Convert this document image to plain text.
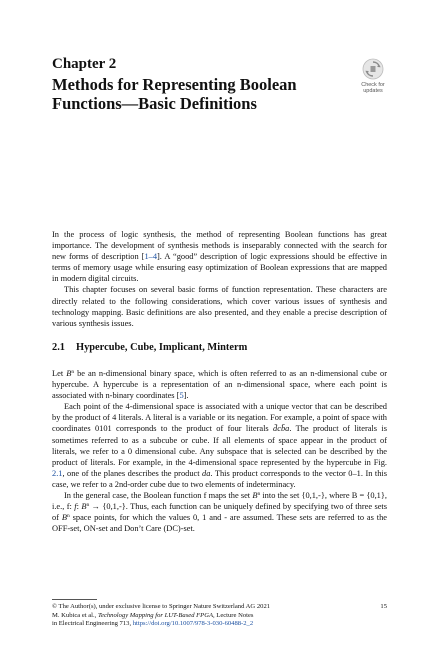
Chapter 2
Methods for Representing Boolean
Functions—Basic Definitions
Check for
updates

In the process of logic synthesis, the method of representing Boolean functions has great importance. The development of synthesis methods is inseparably connected with the search for new forms of description [1–4]. A “good” description of logic expressions should be effective in terms of memory usage while ensuring easy optimization of Boolean expressions that are mapped in modern digital circuits.

This chapter focuses on several basic forms of function representation. These characters are directly related to the following considerations, which cover various issues of synthesis and technology mapping. Basic definitions are also presented, and they enable a precise description of various synthesis issues.

2.1 Hypercube, Cube, Implicant, Minterm

Let $B^n$ be an n-dimensional binary space, which is often referred to as an n-dimensional cube or hypercube. A hypercube is a representation of an n-dimensional space, where each point is associated with n-binary coordinates [5].

Each point of the 4-dimensional space is associated with a unique vector that can be described by the product of 4 literals. A literal is a variable or its negation. For example, a point of space with coordinates 0101 corresponds to the product of four literals d̄cb̄a. The product of literals is sometimes referred to as a subcube or cube. If all elements of space appear in the product of literals, we refer to a 0 dimensional cube. Any subspace that is selected can be described by the product of literals. For example, in the 4-dimensional space represented by the hypercube in Fig. 2.1, one of the planes describes the product da. This product corresponds to the vector 0–1. In this case, we refer to a 2nd-order cube due to two elements of indeterminacy.

In the general case, the Boolean function f maps the set $B^n$ into the set {0,1,-}, where B = {0,1}, i.e., f: f: $B^n \to \{0,1,-\}$. Thus, each function can be uniquely defined by specifying two of three sets of $B^n$ space points, for which the values 0, 1 and - are assumed. These sets are referred to as the OFF-set, ON-set and Don’t Care (DC)-set.

© The Author(s), under exclusive license to Springer Nature Switzerland AG 2021	15
M. Kubica et al., Technology Mapping for LUT-Based FPGA, Lecture Notes
in Electrical Engineering 713, https://doi.org/10.1007/978-3-030-60488-2_2
